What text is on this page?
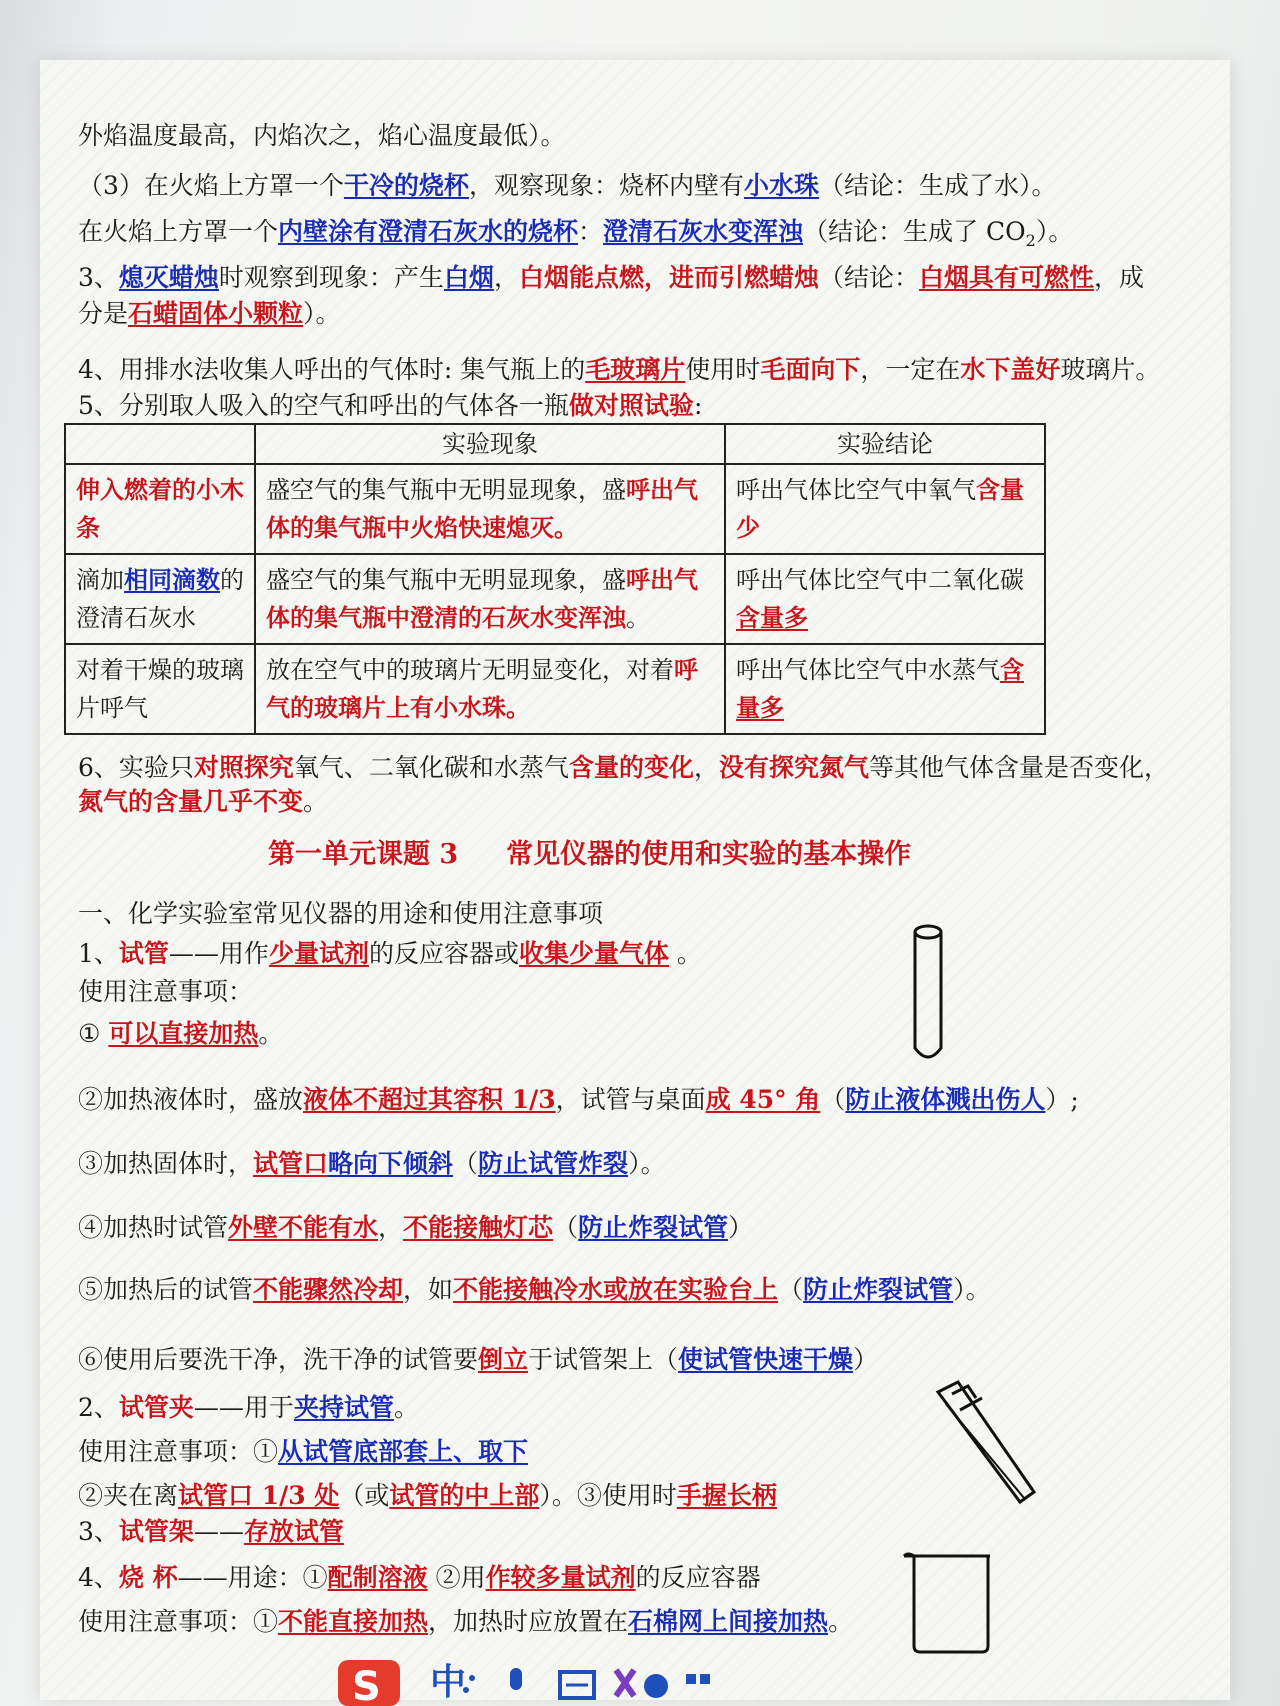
外焰温度最高，内焰次之，焰心温度最低）。
（3）在火焰上方罩一个干冷的烧杯，观察现象：烧杯内壁有小水珠（结论：生成了水）。
在火焰上方罩一个内壁涂有澄清石灰水的烧杯：澄清石灰水变浑浊（结论：生成了 $CO_2$）。
3、熄灭蜡烛时观察到现象：产生白烟，白烟能点燃，进而引燃蜡烛（结论：白烟具有可燃性，成
分是石蜡固体小颗粒）。
4、用排水法收集人呼出的气体时: 集气瓶上的毛玻璃片使用时毛面向下，一定在水下盖好玻璃片。
5、分别取人吸入的空气和呼出的气体各一瓶做对照试验:
	实验现象	实验结论
伸入燃着的小木条	盛空气的集气瓶中无明显现象，盛呼出气体的集气瓶中火焰快速熄灭。	呼出气体比空气中氧气含量少
滴加相同滴数的澄清石灰水	盛空气的集气瓶中无明显现象，盛呼出气体的集气瓶中澄清的石灰水变浑浊。	呼出气体比空气中二氧化碳含量多
对着干燥的玻璃片呼气	放在空气中的玻璃片无明显变化，对着呼气的玻璃片上有小水珠。	呼出气体比空气中水蒸气含量多
6、实验只对照探究氧气、二氧化碳和水蒸气含量的变化，没有探究氮气等其他气体含量是否变化，
氮气的含量几乎不变。
第一单元课题 3 常见仪器的使用和实验的基本操作
一、化学实验室常见仪器的用途和使用注意事项
1、试管——用作少量试剂的反应容器或收集少量气体 。
使用注意事项：
① 可以直接加热。
②加热液体时，盛放液体不超过其容积 1/3，试管与桌面成 45° 角（防止液体溅出伤人）;
③加热固体时，试管口略向下倾斜（防止试管炸裂）。
④加热时试管外壁不能有水，不能接触灯芯（防止炸裂试管）
⑤加热后的试管不能骤然冷却，如不能接触冷水或放在实验台上（防止炸裂试管）。
⑥使用后要洗干净，洗干净的试管要倒立于试管架上（使试管快速干燥）
2、试管夹——用于夹持试管。
使用注意事项：①从试管底部套上、取下
②夹在离试管口 1/3 处（或试管的中上部）。③使用时手握长柄
3、试管架——存放试管
4、烧 杯——用途：①配制溶液 ②用作较多量试剂的反应容器
使用注意事项：①不能直接加热，加热时应放置在石棉网上间接加热。
S 中
